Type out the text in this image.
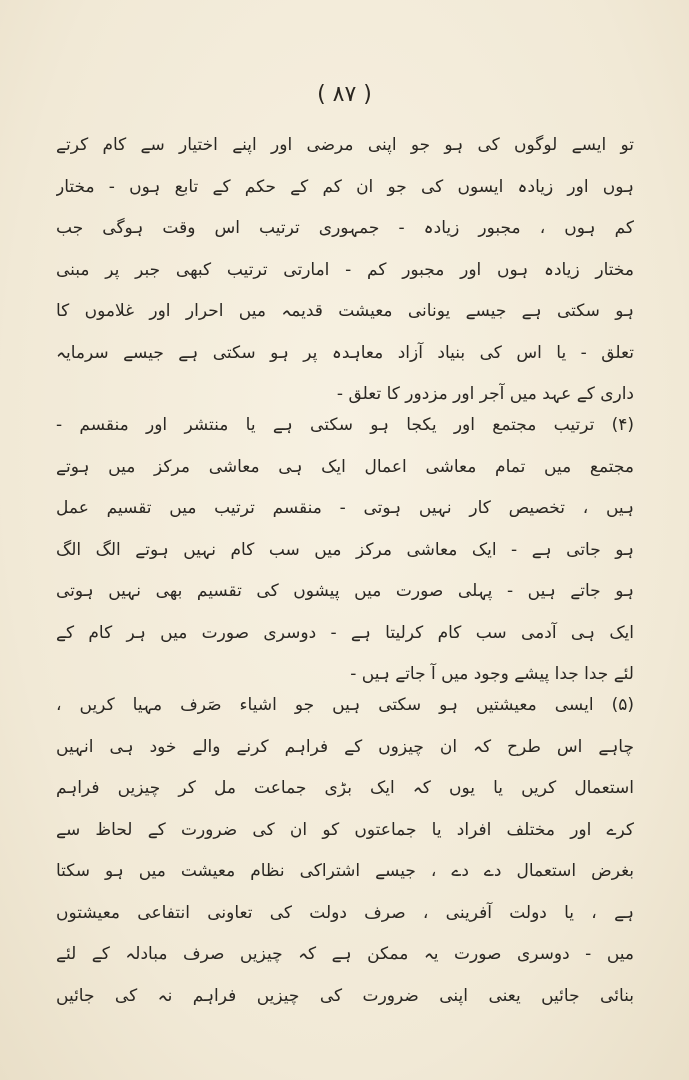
( ۸۷ )
تو ایسے لوگوں کی ہو جو اپنی مرضی اور اپنے اختیار سے کام کرتے
ہوں اور زیادہ ایسوں کی جو ان کم کے حکم کے تابع ہوں - مختار
کم ہوں ، مجبور زیادہ - جمہوری ترتیب اس وقت ہوگی جب
مختار زیادہ ہوں اور مجبور کم - امارتی ترتیب کبھی جبر پر مبنی
ہو سکتی ہے جیسے یونانی معیشت قدیمہ میں احرار اور غلاموں کا
تعلق - یا اس کی بنیاد آزاد معاہدہ پر ہو سکتی ہے جیسے سرمایہ
داری کے عہد میں آجر اور مزدور کا تعلق -
(۴) ترتیب مجتمع اور یکجا ہو سکتی ہے یا منتشر اور منقسم -
مجتمع میں تمام معاشی اعمال ایک ہی معاشی مرکز میں ہوتے
ہیں ، تخصیص کار نہیں ہوتی - منقسم ترتیب میں تقسیم عمل
ہو جاتی ہے - ایک معاشی مرکز میں سب کام نہیں ہوتے الگ الگ
ہو جاتے ہیں - پہلی صورت میں پیشوں کی تقسیم بھی نہیں ہوتی
ایک ہی آدمی سب کام کرلیتا ہے - دوسری صورت میں ہر کام کے
لئے جدا جدا پیشے وجود میں آ جاتے ہیں -
(۵) ایسی معیشتیں ہو سکتی ہیں جو اشیاء صَرف مہیا کریں ،
چاہے اس طرح کہ ان چیزوں کے فراہم کرنے والے خود ہی انہیں
استعمال کریں یا یوں کہ ایک بڑی جماعت مل کر چیزیں فراہم
کرے اور مختلف افراد یا جماعتوں کو ان کی ضرورت کے لحاظ سے
بغرض استعمال دے دے ، جیسے اشتراکی نظام معیشت میں ہو سکتا
ہے ، یا دولت آفرینی ، صرف دولت کی تعاونی انتفاعی معیشتوں
میں - دوسری صورت یہ ممکن ہے کہ چیزیں صرف مبادلہ کے لئے
بنائی جائیں یعنی اپنی ضرورت کی چیزیں فراہم نہ کی جائیں
